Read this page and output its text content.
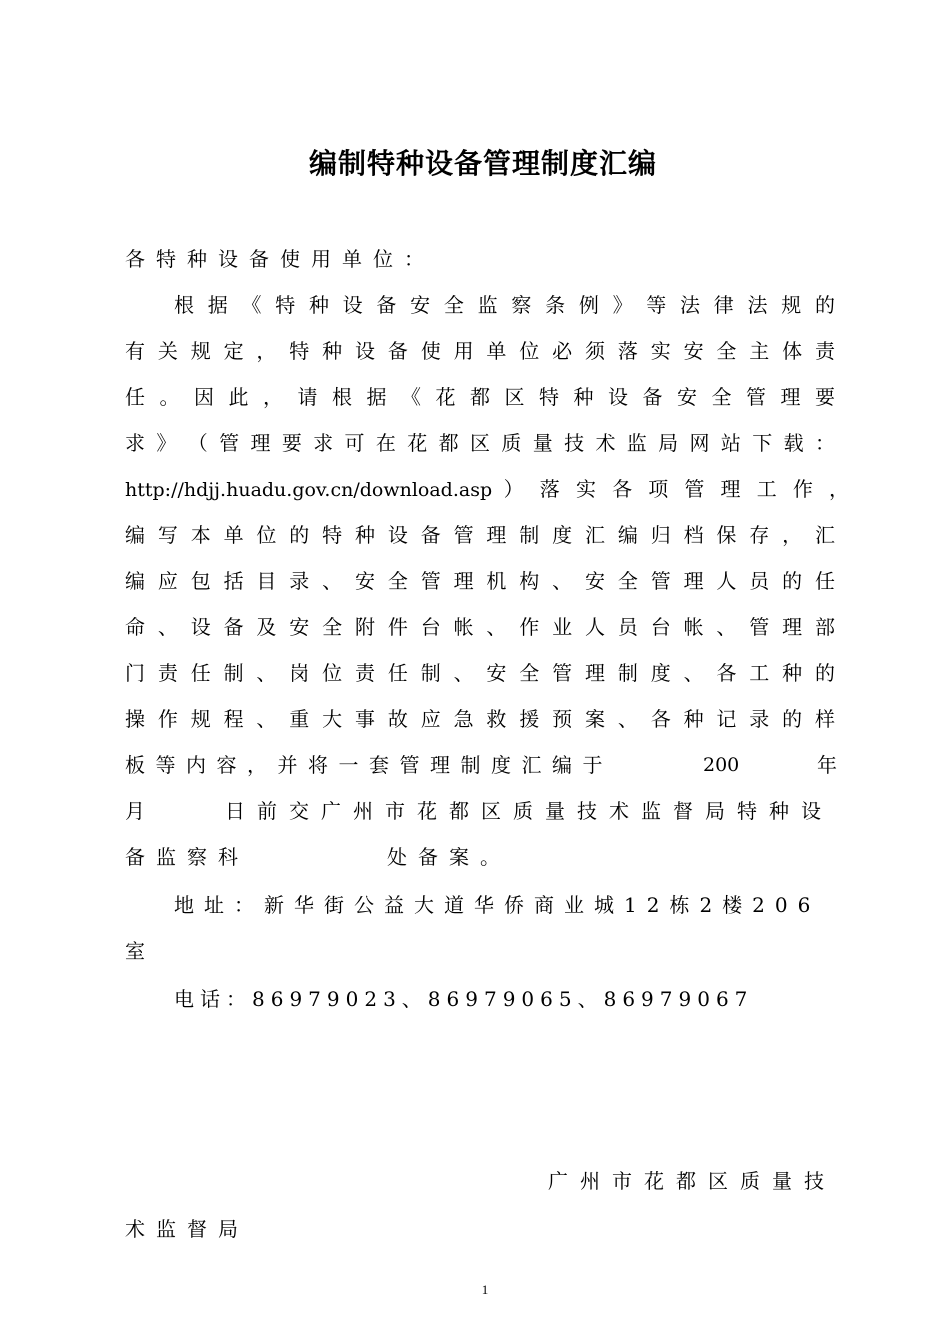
编制特种设备管理制度汇编
各特种设备使用单位：
根​ 据​ 《​ 特​ 种​ 设​ 备​ 安​ 全​ 监​ 察​ 条​ 例​ 》​ 等​ 法​ 律​ 法​ 规​ 的
有​ 关​ 规​ 定​ ，​ 特​ 种​ 设​ 备​ 使​ 用​ 单​ 位​ 必​ 须​ 落​ 实​ 安​ 全​ 主​ 体​ 责
任​ 。​ 因​ 此​ ，​ 请​ 根​ 据​ 《​ 花​ 都​ 区​ 特​ 种​ 设​ 备​ 安​ 全​ 管​ 理​ 要
求​ 》​ （​ 管​ 理​ 要​ 求​ 可​ 在​ 花​ 都​ 区​ 质​ 量​ 技​ 术​ 监​ 局​ 网​ 站​ 下​ 载​ ：
http://hdjj.huadu.gov.cn/download.asp ）落实各项管理工作，
编​ 写​ 本​ 单​ 位​ 的​ 特​ 种​ 设​ 备​ 管​ 理​ 制​ 度​ 汇​ 编​ 归​ 档​ 保​ 存​ ，​ 汇
编​ 应​ 包​ 括​ 目​ 录​ 、​ 安​ 全​ 管​ 理​ 机​ 构​ 、​ 安​ 全​ 管​ 理​ 人​ 员​ 的​ 任
命​ 、​ 设​ 备​ 及​ 安​ 全​ 附​ 件​ 台​ 帐​ 、​ 作​ 业​ 人​ 员​ 台​ 帐​ 、​ 管​ 理​ 部
门​ 责​ 任​ 制​ 、​ 岗​ 位​ 责​ 任​ 制​ 、​ 安​ 全​ 管​ 理​ 制​ 度​ 、​ 各​ 工​ 种​ 的
操​ 作​ 规​ 程​ 、​ 重​ 大​ 事​ 故​ 应​ 急​ 救​ 援​ 预​ 案​ 、​ 各​ 种​ 记​ 录​ 的​ 样
板等内容，并将一套管理制度汇编于	200	年
月	日前交广州市花都区质量技术监督局特种设
备监察科	处备案。
地址：新华街公益大道华侨商业城12栋2楼206
室
电话：86979023、86979065、86979067
广州市花都区质量技
术监督局
1
